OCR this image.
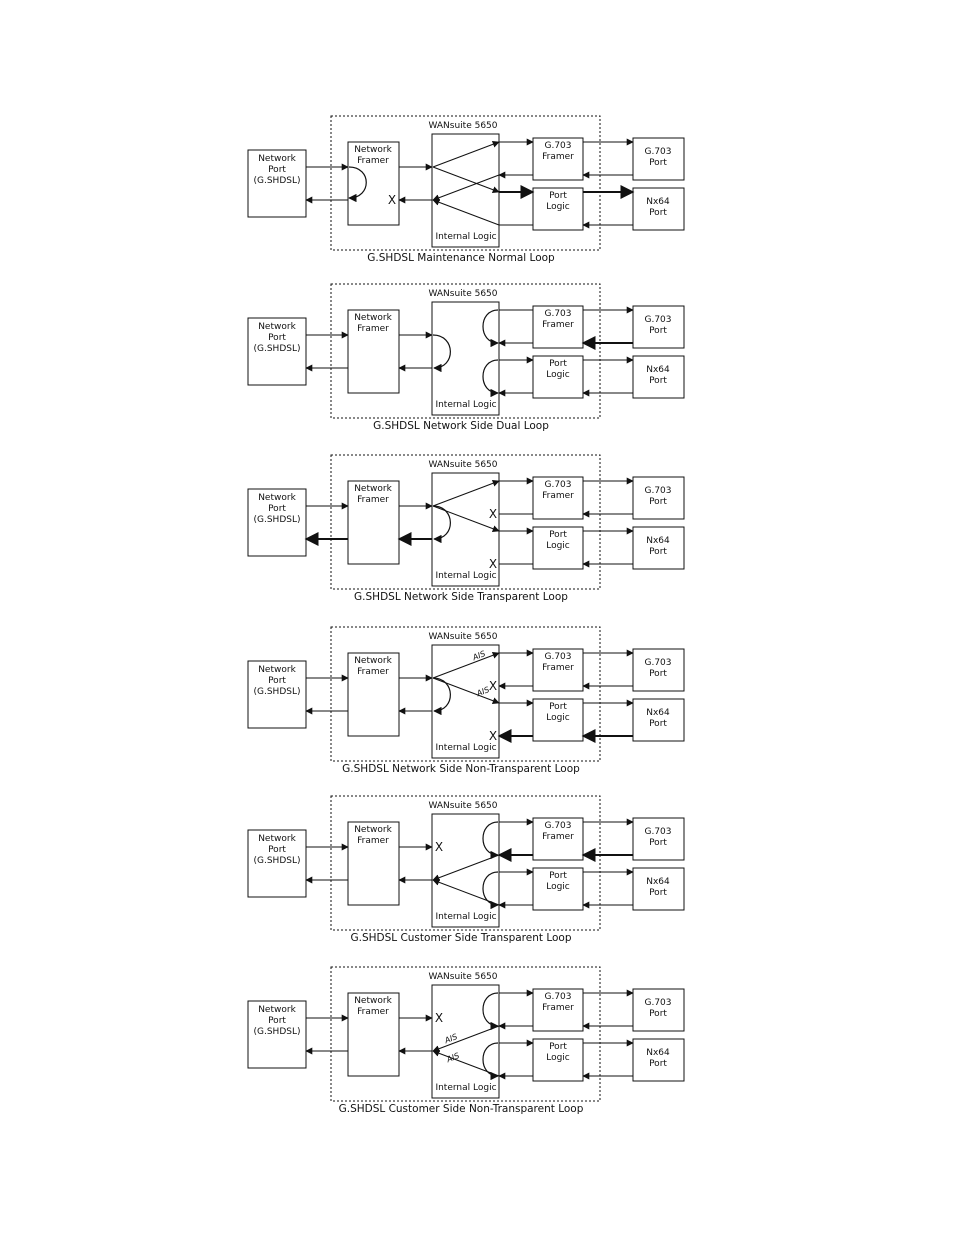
WANsuite 5650
Internal Logic
Network
Port
(G.SHDSL)
Network
Framer
G.703
Framer
Port
Logic
G.703
Port
Nx64
Port
G.SHDSL Maintenance Normal Loop
X
WANsuite 5650
Internal Logic
Network
Port
(G.SHDSL)
Network
Framer
G.703
Framer
Port
Logic
G.703
Port
Nx64
Port
G.SHDSL Network Side Dual Loop
WANsuite 5650
Internal Logic
Network
Port
(G.SHDSL)
Network
Framer
G.703
Framer
Port
Logic
G.703
Port
Nx64
Port
G.SHDSL Network Side Transparent Loop
X
X
WANsuite 5650
Internal Logic
Network
Port
(G.SHDSL)
Network
Framer
G.703
Framer
Port
Logic
G.703
Port
Nx64
Port
G.SHDSL Network Side Non-Transparent Loop
X
X
AIS
AIS
WANsuite 5650
Internal Logic
Network
Port
(G.SHDSL)
Network
Framer
G.703
Framer
Port
Logic
G.703
Port
Nx64
Port
G.SHDSL Customer Side Transparent Loop
X
WANsuite 5650
Internal Logic
Network
Port
(G.SHDSL)
Network
Framer
G.703
Framer
Port
Logic
G.703
Port
Nx64
Port
G.SHDSL Customer Side Non-Transparent Loop
X
AIS
AIS
